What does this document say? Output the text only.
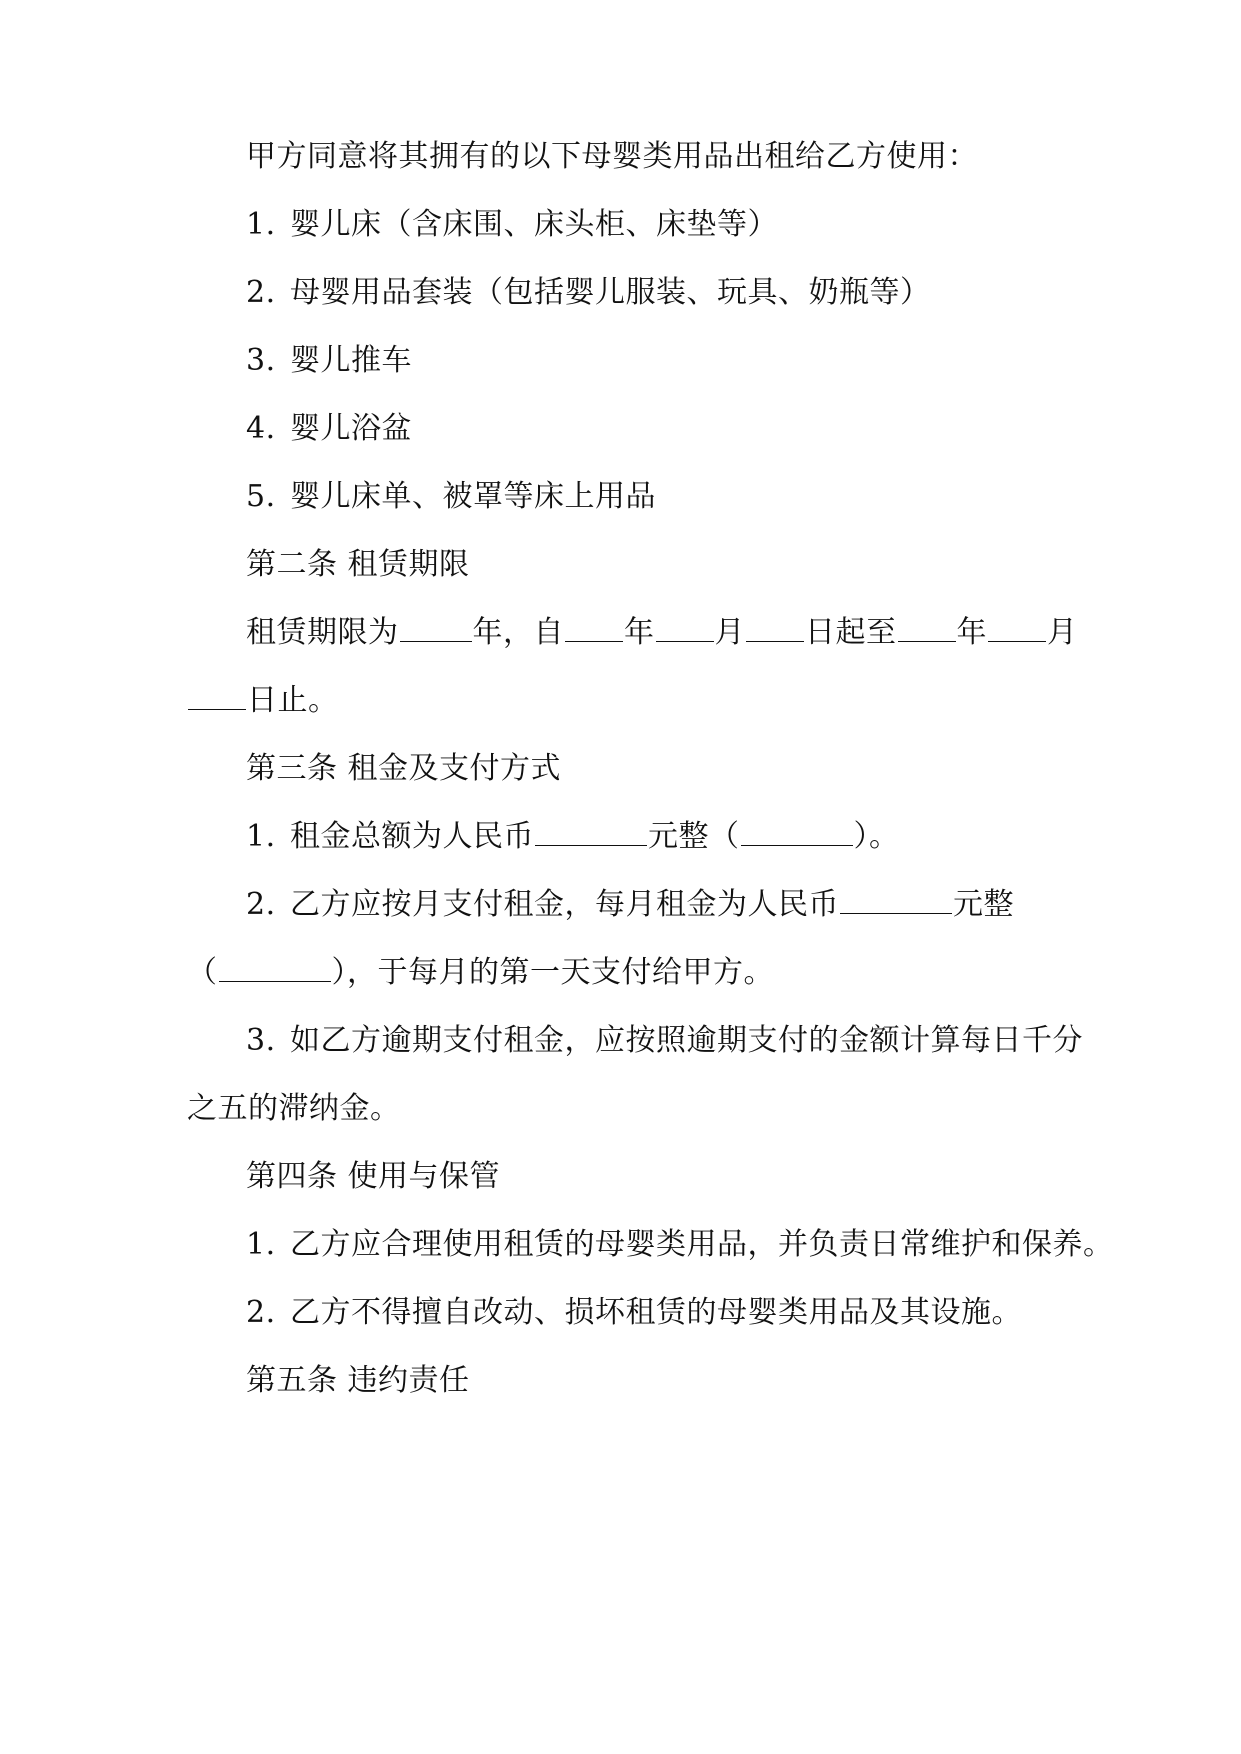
甲方同意将其拥有的以下母婴类用品出租给乙方使用：
1. 婴儿床（含床围、床头柜、床垫等）
2. 母婴用品套装（包括婴儿服装、玩具、奶瓶等）
3. 婴儿推车
4. 婴儿浴盆
5. 婴儿床单、被罩等床上用品
第二条 租赁期限
租赁期限为 年，自 年 月 日起至 年 月
日止。
第三条 租金及支付方式
1. 租金总额为人民币	元整（	）。
2. 乙方应按月支付租金，每月租金为人民币	元整
（	），于每月的第一天支付给甲方。
3. 如乙方逾期支付租金，应按照逾期支付的金额计算每日千分
之五的滞纳金。
第四条 使用与保管
1. 乙方应合理使用租赁的母婴类用品，并负责日常维护和保养。
2. 乙方不得擅自改动、损坏租赁的母婴类用品及其设施。
第五条 违约责任
